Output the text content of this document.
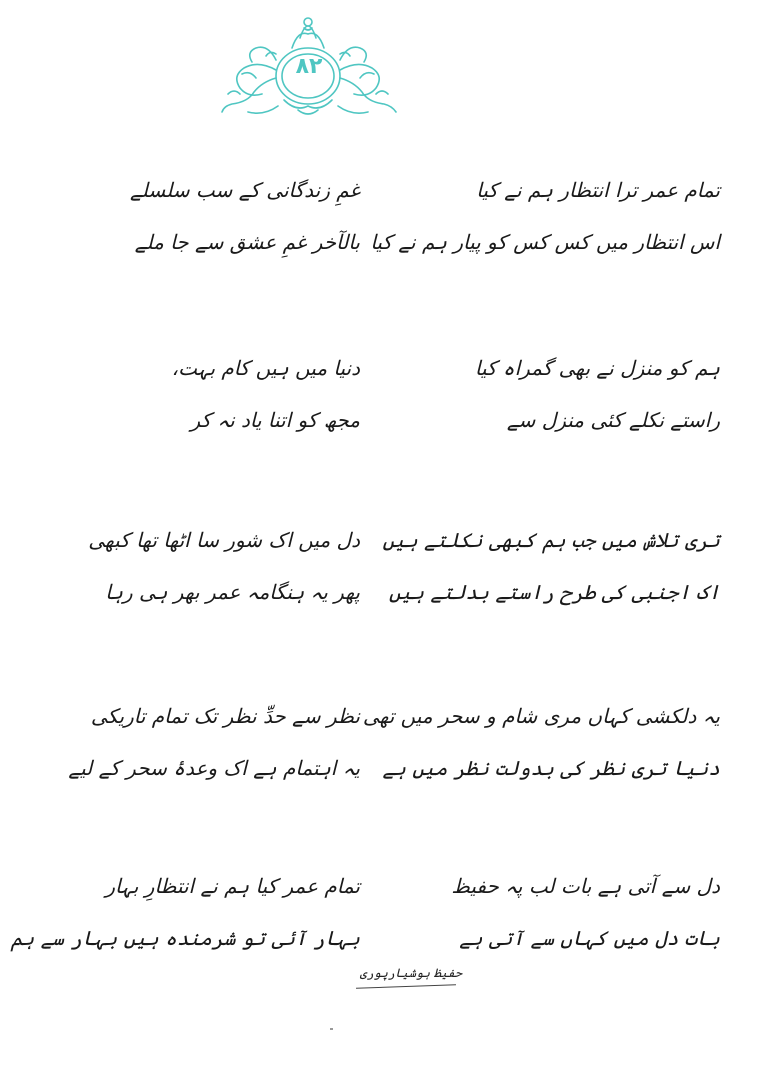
۸۲
تمام عمر ترا انتظار ہم نے کیا
غمِ زندگانی کے سب سلسلے
اس انتظار میں کس کس کو پیار ہم نے کیا
بالآخر غمِ عشق سے جا ملے
ہم کو منزل نے بھی گمراہ کیا
دنیا میں ہیں کام بہت،
راستے نکلے کئی منزل سے
مجھ کو اتنا یاد نہ کر
تری تلاش میں جب ہم کبھی نکلتے ہیں
دل میں اک شور سا اٹھا تھا کبھی
اک اجنبی کی طرح راستے بدلتے ہیں
پھر یہ ہنگامہ عمر بھر ہی رہا
یہ دلکشی کہاں مری شام و سحر میں تھی
نظر سے حدِّ نظر تک تمام تاریکی
دنیا تری نظر کی بدولت نظر میں ہے
یہ اہتمام ہے اک وعدۂ سحر کے لیے
دل سے آتی ہے بات لب پہ حفیظ
تمام عمر کیا ہم نے انتظارِ بہار
بات دل میں کہاں سے آتی ہے
بہار آئی تو شرمندہ ہیں بہار سے ہم
حفیظ ہوشیارپوری
